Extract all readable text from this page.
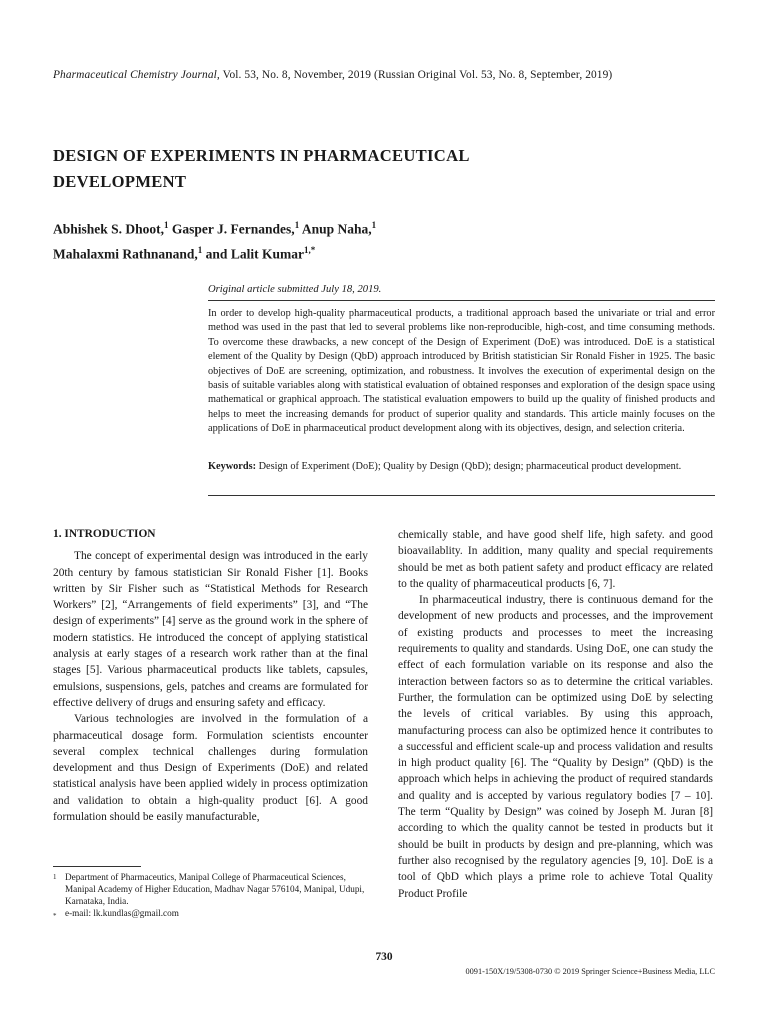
Pharmaceutical Chemistry Journal, Vol. 53, No. 8, November, 2019 (Russian Original Vol. 53, No. 8, September, 2019)
DESIGN OF EXPERIMENTS IN PHARMACEUTICAL
DEVELOPMENT
Abhishek S. Dhoot,$^1$ Gasper J. Fernandes,$^1$ Anup Naha,$^1$
Mahalaxmi Rathnanand,$^1$ and Lalit Kumar$^{1,*}$
Original article submitted July 18, 2019.
In order to develop high-quality pharmaceutical products, a traditional approach based the univariate or trial and error method was used in the past that led to several problems like non-reproducible, high-cost, and time consuming methods. To overcome these drawbacks, a new concept of the Design of Experiment (DoE) was introduced. DoE is a statistical element of the Quality by Design (QbD) approach introduced by British statistician Sir Ronald Fisher in 1925. The basic objectives of DoE are screening, optimization, and robustness. It involves the execution of experimental design on the basis of suitable variables along with statistical evaluation of obtained responses and exploration of the design space using mathematical or graphical approach. The statistical evaluation empowers to build up the quality of finished products and helps to meet the increasing demands for product of superior quality and standards. This article mainly focuses on the applications of DoE in pharmaceutical product development along with its objectives, design, and selection criteria.
Keywords: Design of Experiment (DoE); Quality by Design (QbD); design; pharmaceutical product development.
1. INTRODUCTION

The concept of experimental design was introduced in the early 20th century by famous statistician Sir Ronald Fisher [1]. Books written by Sir Fisher such as “Statistical Methods for Research Workers” [2], “Arrangements of field experiments” [3], and “The design of experiments” [4] serve as the ground work in the sphere of modern statistics. He introduced the concept of applying statistical analysis at early stages of a research work rather than at the final stages [5]. Various pharmaceutical products like tablets, capsules, emulsions, suspensions, gels, patches and creams are formulated for effective delivery of drugs and ensuring safety and efficacy.

Various technologies are involved in the formulation of a pharmaceutical dosage form. Formulation scientists encounter several complex technical challenges during formulation development and thus Design of Experiments (DoE) and related statistical analysis have been applied widely in process optimization and validation to obtain a high-quality product [6]. A good formulation should be easily manufacturable,

chemically stable, and have good shelf life, high safety. and good bioavailablity. In addition, many quality and special requirements should be met as both patient safety and product efficacy are related to the quality of pharmaceutical products [6, 7].

In pharmaceutical industry, there is continuous demand for the development of new products and processes, and the improvement of existing products and processes to meet the increasing requirements to quality and standards. Using DoE, one can study the effect of each formulation variable on its response and also the interaction between factors so as to determine the critical variables. Further, the formulation can be optimized using DoE by selecting the levels of critical variables. By using this approach, manufacturing process can also be optimized hence it contributes to a successful and efficient scale-up and process validation and results in high product quality [6]. The “Quality by Design” (QbD) is the approach which helps in achieving the product of required standards and quality and is accepted by various regulatory bodies [7 – 10]. The term “Quality by Design” was coined by Joseph M. Juran [8] according to which the quality cannot be tested in products but it should be built in products by design and pre-planning, which was further also recognised by the regulatory agencies [9, 10]. DoE is a tool of QbD which plays a prime role to achieve Total Quality Product Profile

1 Department of Pharmaceutics, Manipal College of Pharmaceutical Sciences, Manipal Academy of Higher Education, Madhav Nagar 576104, Manipal, Udupi, Karnataka, India.
* e-mail: lk.kundlas@gmail.com
730
0091-150X/19/5308-0730 © 2019 Springer Science+Business Media, LLC
